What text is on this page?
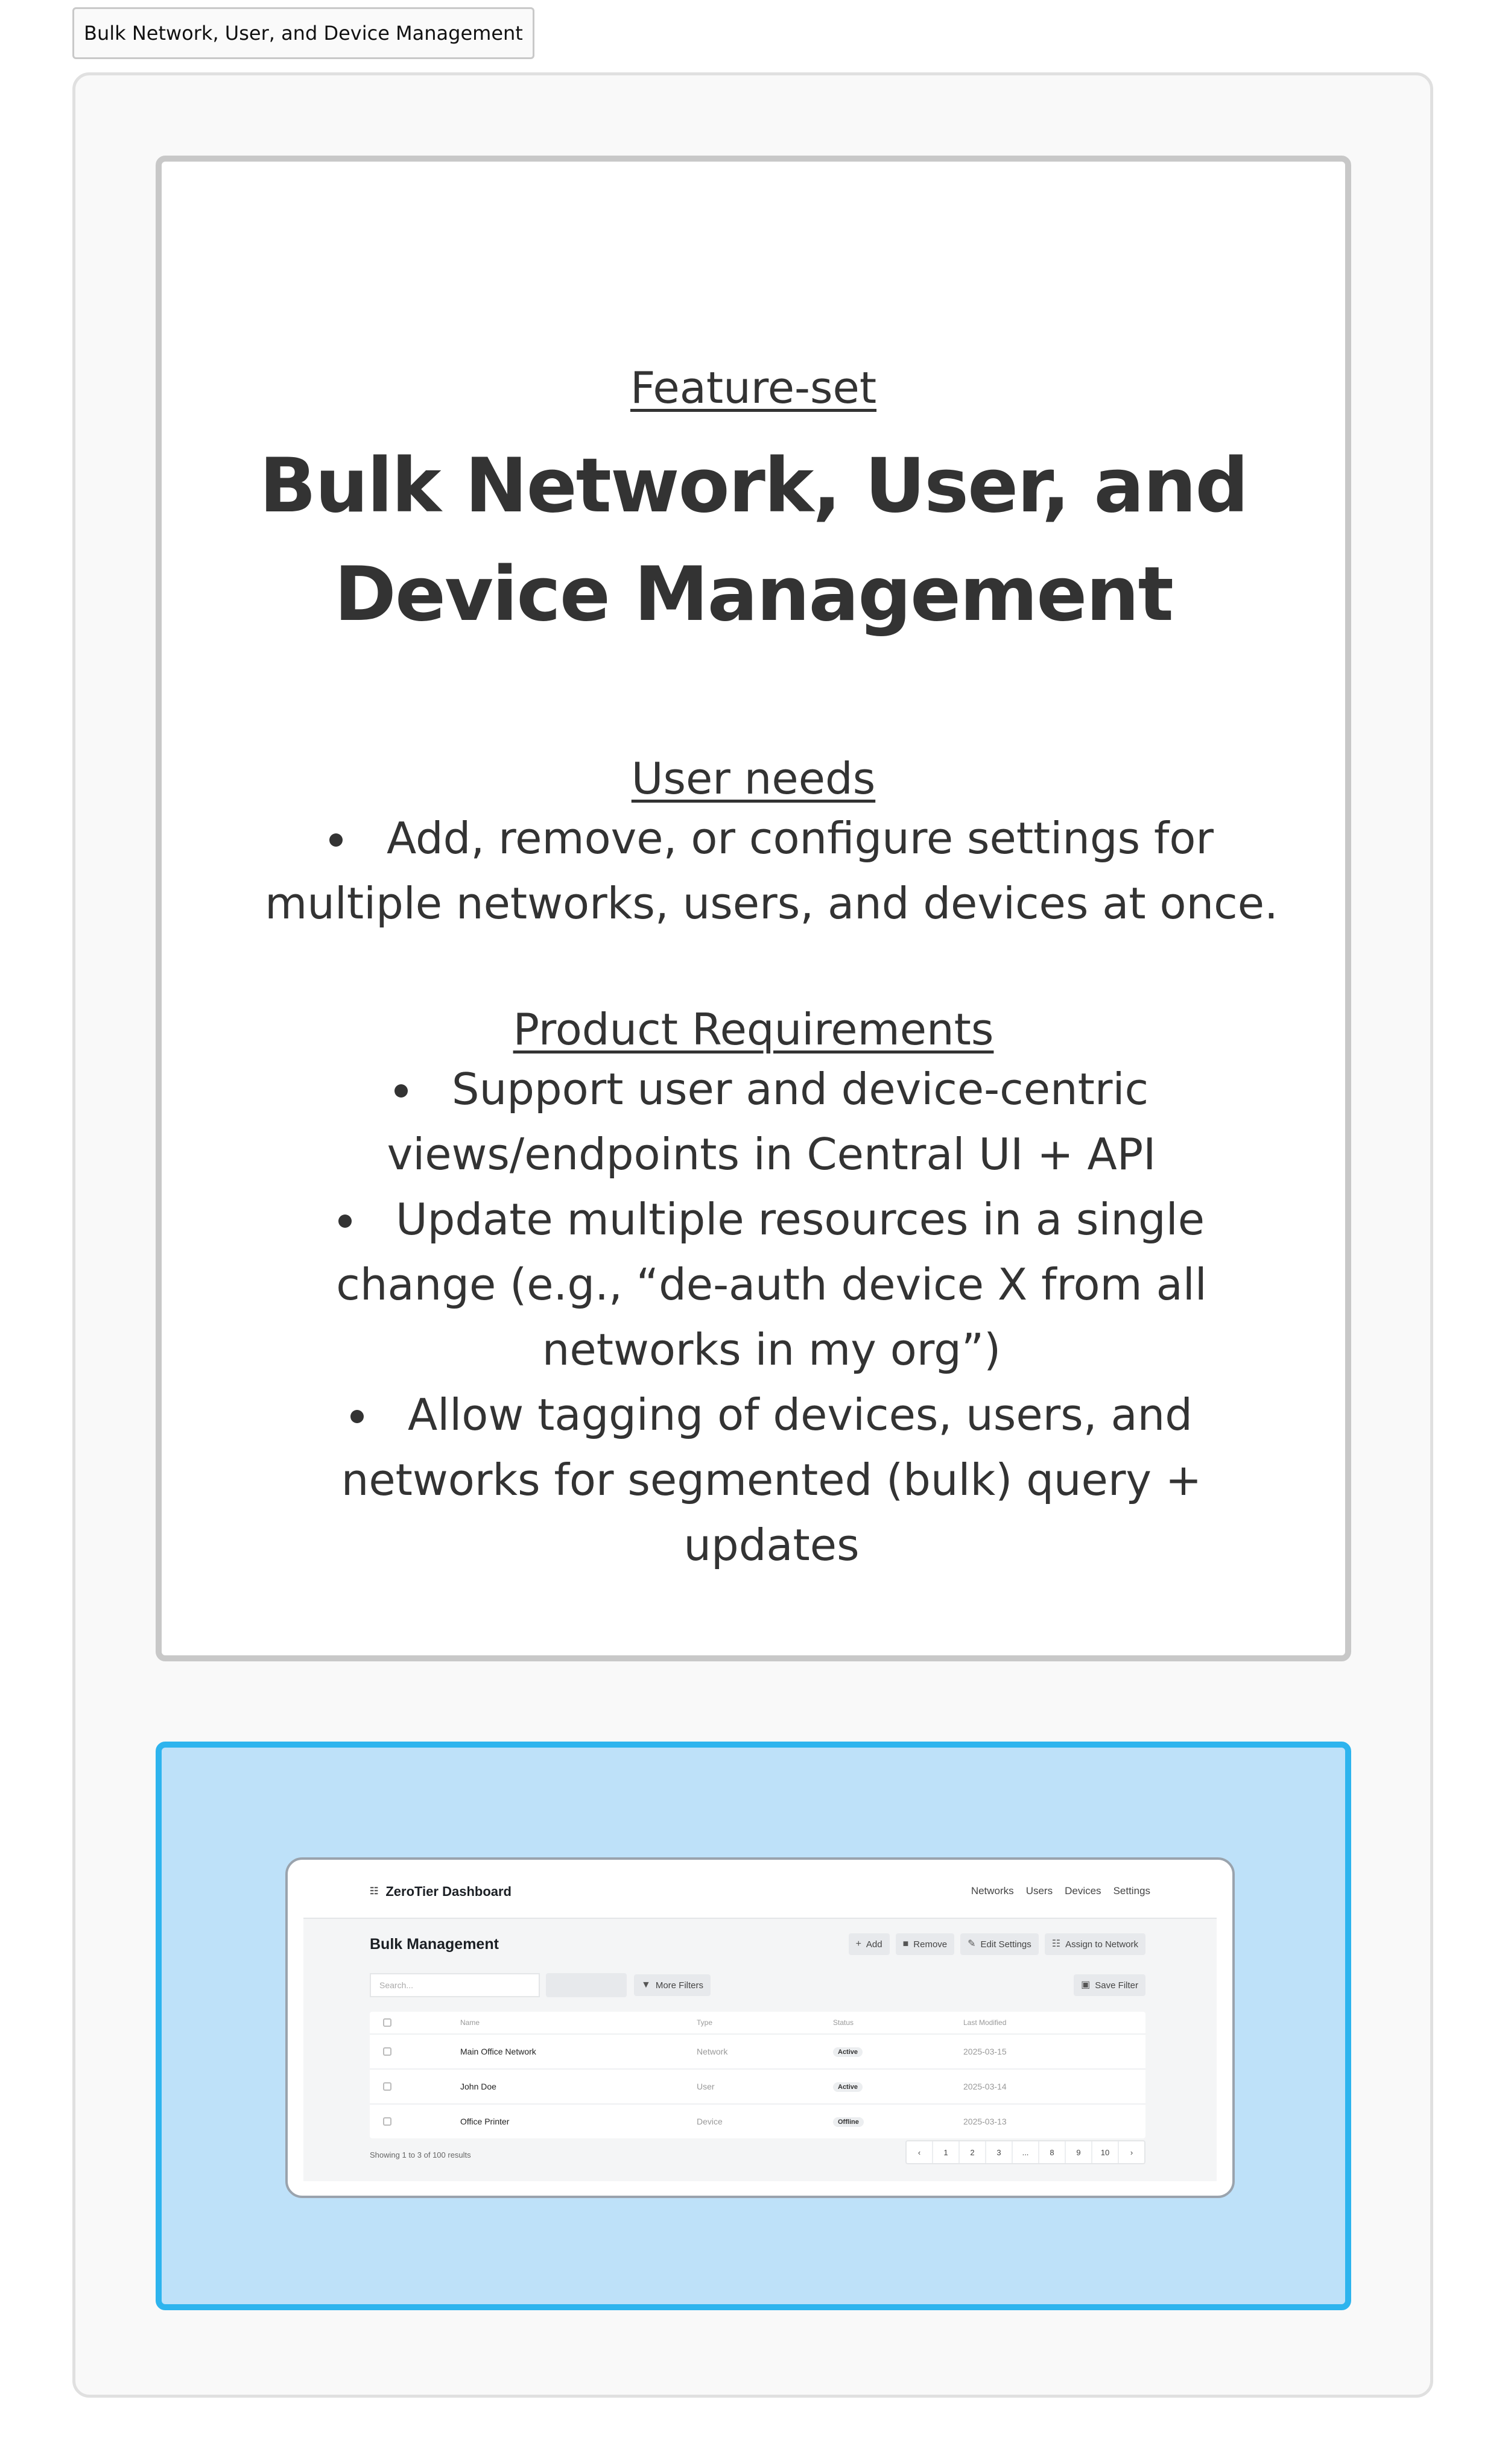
Bulk Network, User, and Device Management
Feature-set
Bulk Network, User, and Device Management
User needs
• Add, remove, or configure settings for multiple networks, users, and devices at once.
Product Requirements
• Support user and device-centric views/endpoints in Central UI + API
• Update multiple resources in a single change (e.g., “de-auth device X from all networks in my org”)
• Allow tagging of devices, users, and networks for segmented (bulk) query + updates
☷ ZeroTier Dashboard	Networks Users Devices Settings
Bulk Management	+ Add ■ Remove ✎ Edit Settings ☷ Assign to Network
Search...	▼ More Filters	▣ Save Filter
Name	Type	Status	Last Modified
Main Office Network	Network	Active	2025-03-15
John Doe	User	Active	2025-03-14
Office Printer	Device	Offline	2025-03-13
Showing 1 to 3 of 100 results	‹	1	2	3	...	8	9	10	›
